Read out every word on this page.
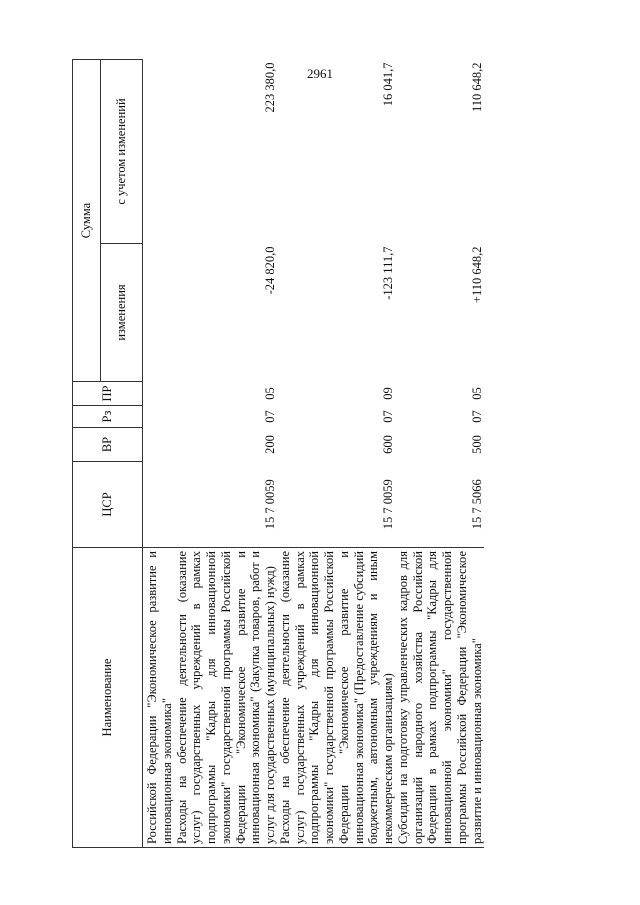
2961
Наименование	ЦСР	ВР	Рз	ПР	Сумма	
					изменения	с учетом изменений
Российской Федерации "Экономическое развитие и инновационная экономика"						
Расходы на обеспечение деятельности (оказание услуг) государственных учреждений в рамках подпрограммы "Кадры для инновационной экономики" государственной программы Российской Федерации "Экономическое развитие и инновационная экономика" (Закупка товаров, работ и услуг для государственных (муниципальных) нужд)	15 7 0059	200	07	05	-24 820,0	223 380,0
Расходы на обеспечение деятельности (оказание услуг) государственных учреждений в рамках подпрограммы "Кадры для инновационной экономики" государственной программы Российской Федерации "Экономическое развитие и инновационная экономика" (Предоставление субсидий бюджетным, автономным учреждениям и иным некоммерческим организациям)	15 7 0059	600	07	09	-123 111,7	16 041,7
Субсидии на подготовку управленческих кадров для организаций народного хозяйства Российской Федерации в рамках подпрограммы "Кадры для инновационной экономики" государственной программы Российской Федерации "Экономическое развитие и инновационная экономика"	15 7 5066	500	07	05	+110 648,2	110 648,2
